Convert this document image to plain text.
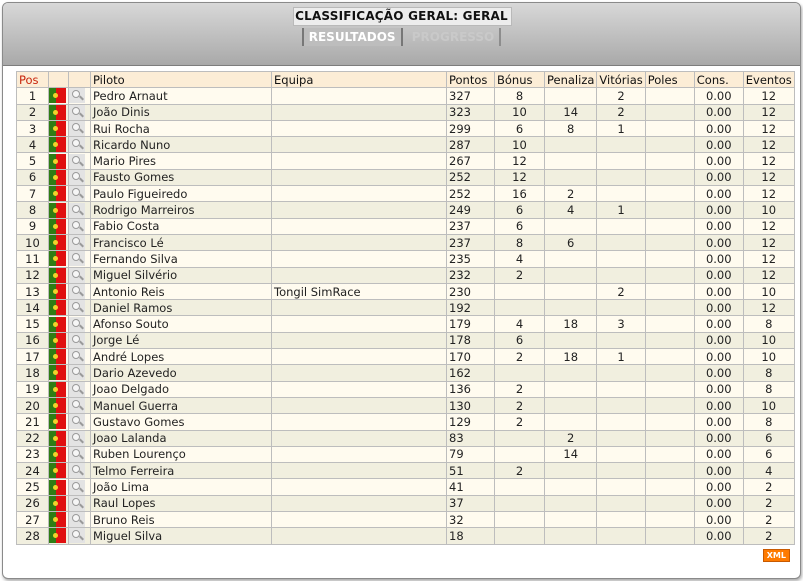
CLASSIFICAÇÃO GERAL: GERAL
RESULTADOS PROGRESSO
Pos			Piloto	Equipa	Pontos	Bónus	Penaliza	Vitórias	Poles	Cons.	Eventos
1			Pedro Arnaut		327	8		2		0.00	12
2			João Dinis		323	10	14	2		0.00	12
3			Rui Rocha		299	6	8	1		0.00	12
4			Ricardo Nuno		287	10				0.00	12
5			Mario Pires		267	12				0.00	12
6			Fausto Gomes		252	12				0.00	12
7			Paulo Figueiredo		252	16	2			0.00	12
8			Rodrigo Marreiros		249	6	4	1		0.00	10
9			Fabio Costa		237	6				0.00	12
10			Francisco Lé		237	8	6			0.00	12
11			Fernando Silva		235	4				0.00	12
12			Miguel Silvério		232	2				0.00	12
13			Antonio Reis	Tongil SimRace	230			2		0.00	10
14			Daniel Ramos		192					0.00	12
15			Afonso Souto		179	4	18	3		0.00	8
16			Jorge Lé		178	6				0.00	10
17			André Lopes		170	2	18	1		0.00	10
18			Dario Azevedo		162					0.00	8
19			Joao Delgado		136	2				0.00	8
20			Manuel Guerra		130	2				0.00	10
21			Gustavo Gomes		129	2				0.00	8
22			Joao Lalanda		83		2			0.00	6
23			Ruben Lourenço		79		14			0.00	6
24			Telmo Ferreira		51	2				0.00	4
25			João Lima		41					0.00	2
26			Raul Lopes		37					0.00	2
27			Bruno Reis		32					0.00	2
28			Miguel Silva		18					0.00	2
XML
